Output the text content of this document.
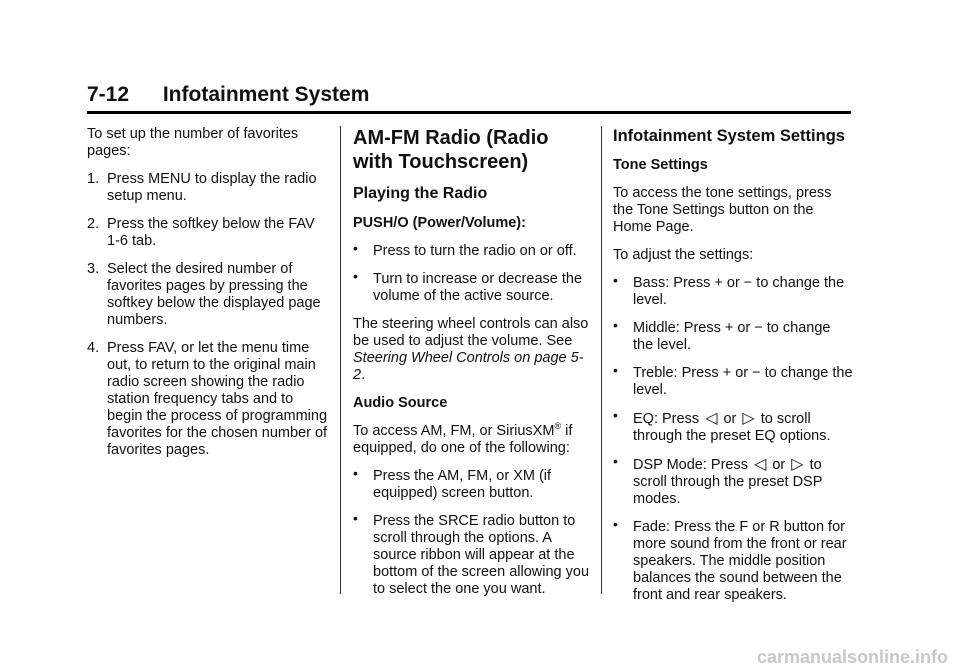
7-12 Infotainment System

To set up the number of favorites pages:

1. Press MENU to display the radio setup menu.
2. Press the softkey below the FAV 1-6 tab.
3. Select the desired number of favorites pages by pressing the softkey below the displayed page numbers.
4. Press FAV, or let the menu time out, to return to the original main radio screen showing the radio station frequency tabs and to begin the process of programming favorites for the chosen number of favorites pages.
AM-FM Radio (Radio with Touchscreen)
Playing the Radio

PUSH/O (Power/Volume):

•	Press to turn the radio on or off.
•	Turn to increase or decrease the volume of the active source.

The steering wheel controls can also be used to adjust the volume. See Steering Wheel Controls on page 5-2.

Audio Source

To access AM, FM, or SiriusXM® if equipped, do one of the following:

•	Press the AM, FM, or XM (if equipped) screen button.
•	Press the SRCE radio button to scroll through the options. A source ribbon will appear at the bottom of the screen allowing you to select the one you want.
Infotainment System Settings

Tone Settings

To access the tone settings, press the Tone Settings button on the Home Page.

To adjust the settings:

•	Bass: Press + or − to change the level.
•	Middle: Press + or − to change the level.
•	Treble: Press + or − to change the level.
•	EQ: Press ◁ or ▷ to scroll through the preset EQ options.
•	DSP Mode: Press ◁ or ▷ to scroll through the preset DSP modes.
•	Fade: Press the F or R button for more sound from the front or rear speakers. The middle position balances the sound between the front and rear speakers.
carmanualsonline.info
